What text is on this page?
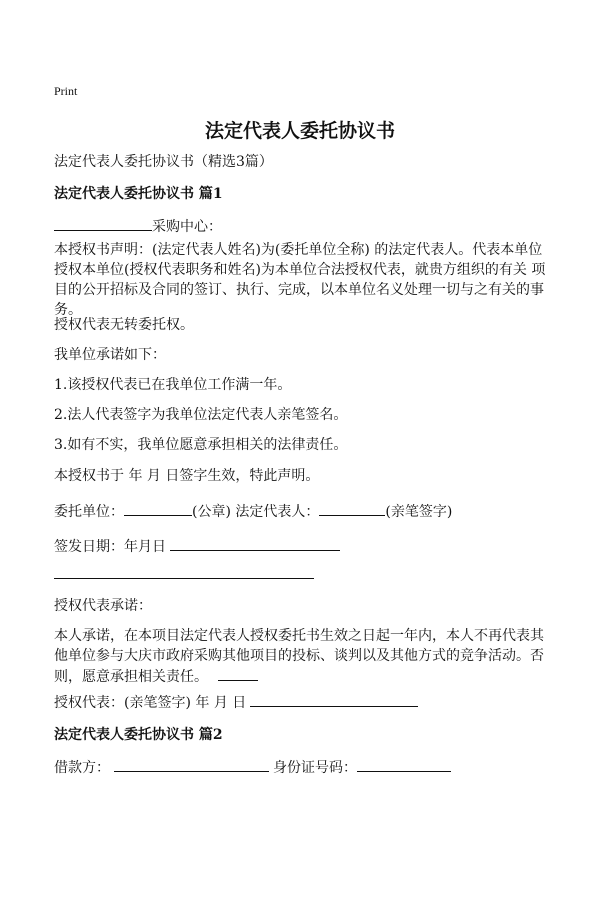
Print
法定代表人委托协议书
法定代表人委托协议书（精选3篇）
法定代表人委托协议书 篇1
采购中心：
本授权书声明：(法定代表人姓名)为(委托单位全称) 的法定代表人。代表本单位授权本单位(授权代表职务和姓名)为本单位合法授权代表，就贵方组织的有关 项目的公开招标及合同的签订、执行、完成，以本单位名义处理一切与之有关的事务。
授权代表无转委托权。
我单位承诺如下：
1.该授权代表已在我单位工作满一年。
2.法人代表签字为我单位法定代表人亲笔签名。
3.如有不实，我单位愿意承担相关的法律责任。
本授权书于 年 月 日签字生效，特此声明。
委托单位：	(公章) 法定代表人：	(亲笔签字)
签发日期：年月日
授权代表承诺：
本人承诺，在本项目法定代表人授权委托书生效之日起一年内，本人不再代表其他单位参与大庆市政府采购其他项目的投标、谈判以及其他方式的竞争活动。否则，愿意承担相关责任。
授权代表：(亲笔签字) 年 月 日
法定代表人委托协议书 篇2
借款方：	身份证号码：
